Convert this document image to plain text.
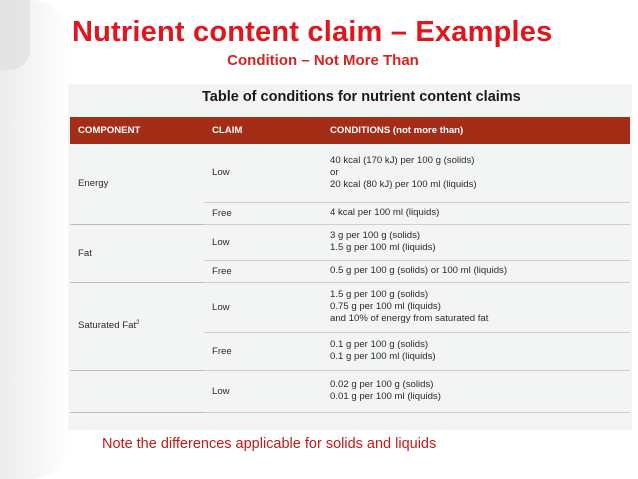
Nutrient content claim – Examples
Condition – Not More Than
Table of conditions for nutrient content claims
COMPONENT	CLAIM	CONDITIONS (not more than)
Energy	Low	40 kcal (170 kJ) per 100 g (solids)
or
20 kcal (80 kJ) per 100 ml (liquids)

	Free	4 kcal per 100 ml (liquids)

Fat	Low	3 g per 100 g (solids)
1.5 g per 100 ml (liquids)

	Free	0.5 g per 100 g (solids) or 100 ml (liquids)

Saturated Fat$^2$	Low	1.5 g per 100 g (solids)
0.75 g per 100 ml (liquids)
and 10% of energy from saturated fat

	Free	0.1 g per 100 g (solids)
0.1 g per 100 ml (liquids)

	Low	0.02 g per 100 g (solids)
0.01 g per 100 ml (liquids)
Note the differences applicable for solids and liquids
